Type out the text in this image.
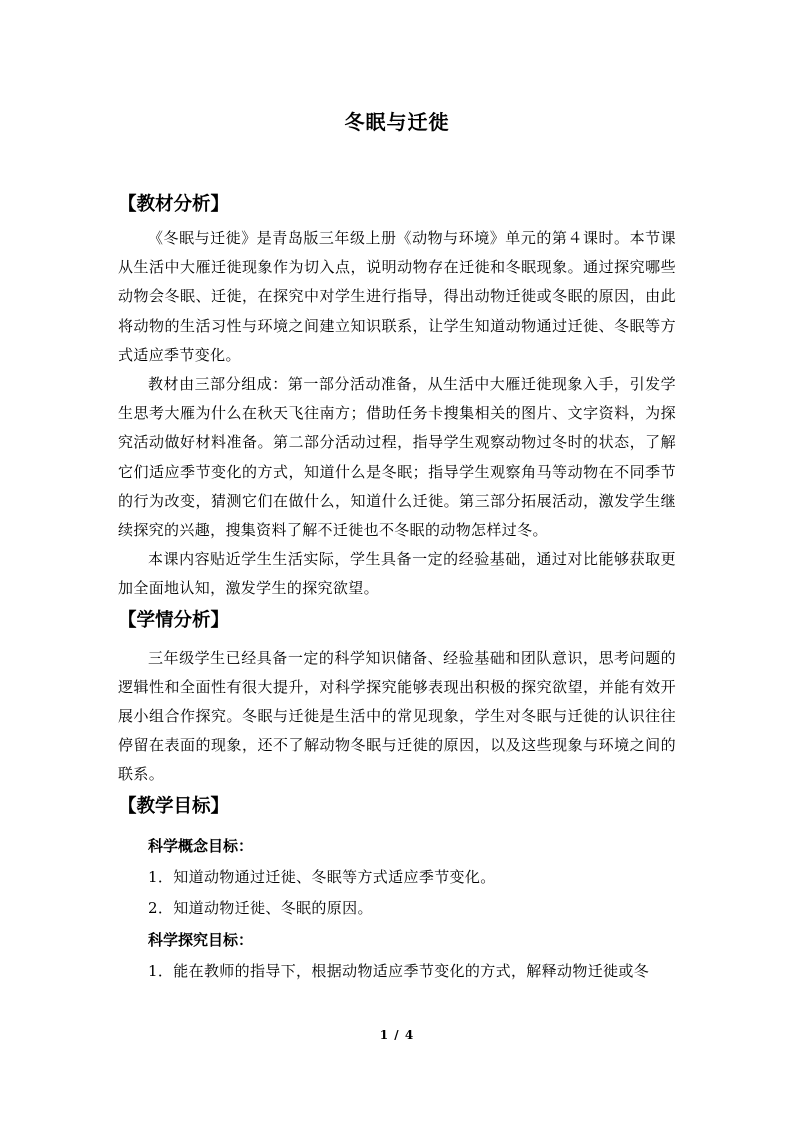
冬眠与迁徙

【教材分析】

《冬眠与迁徙》是青岛版三年级上册《动物与环境》单元的第４课时。本节课从生活中大雁迁徙现象作为切入点，说明动物存在迁徙和冬眠现象。通过探究哪些动物会冬眠、迁徙，在探究中对学生进行指导，得出动物迁徙或冬眠的原因，由此将动物的生活习性与环境之间建立知识联系，让学生知道动物通过迁徙、冬眠等方式适应季节变化。

教材由三部分组成：第一部分活动准备，从生活中大雁迁徙现象入手，引发学生思考大雁为什么在秋天飞往南方；借助任务卡搜集相关的图片、文字资料，为探究活动做好材料准备。第二部分活动过程，指导学生观察动物过冬时的状态，了解它们适应季节变化的方式，知道什么是冬眠；指导学生观察角马等动物在不同季节的行为改变，猜测它们在做什么，知道什么迁徙。第三部分拓展活动，激发学生继续探究的兴趣，搜集资料了解不迁徙也不冬眠的动物怎样过冬。

本课内容贴近学生生活实际，学生具备一定的经验基础，通过对比能够获取更加全面地认知，激发学生的探究欲望。

【学情分析】

三年级学生已经具备一定的科学知识储备、经验基础和团队意识，思考问题的逻辑性和全面性有很大提升，对科学探究能够表现出积极的探究欲望，并能有效开展小组合作探究。冬眠与迁徙是生活中的常见现象，学生对冬眠与迁徙的认识往往停留在表面的现象，还不了解动物冬眠与迁徙的原因，以及这些现象与环境之间的联系。

【教学目标】

科学概念目标：

1．知道动物通过迁徙、冬眠等方式适应季节变化。

2．知道动物迁徙、冬眠的原因。

科学探究目标：

1．能在教师的指导下，根据动物适应季节变化的方式，解释动物迁徙或冬

1 / 4
